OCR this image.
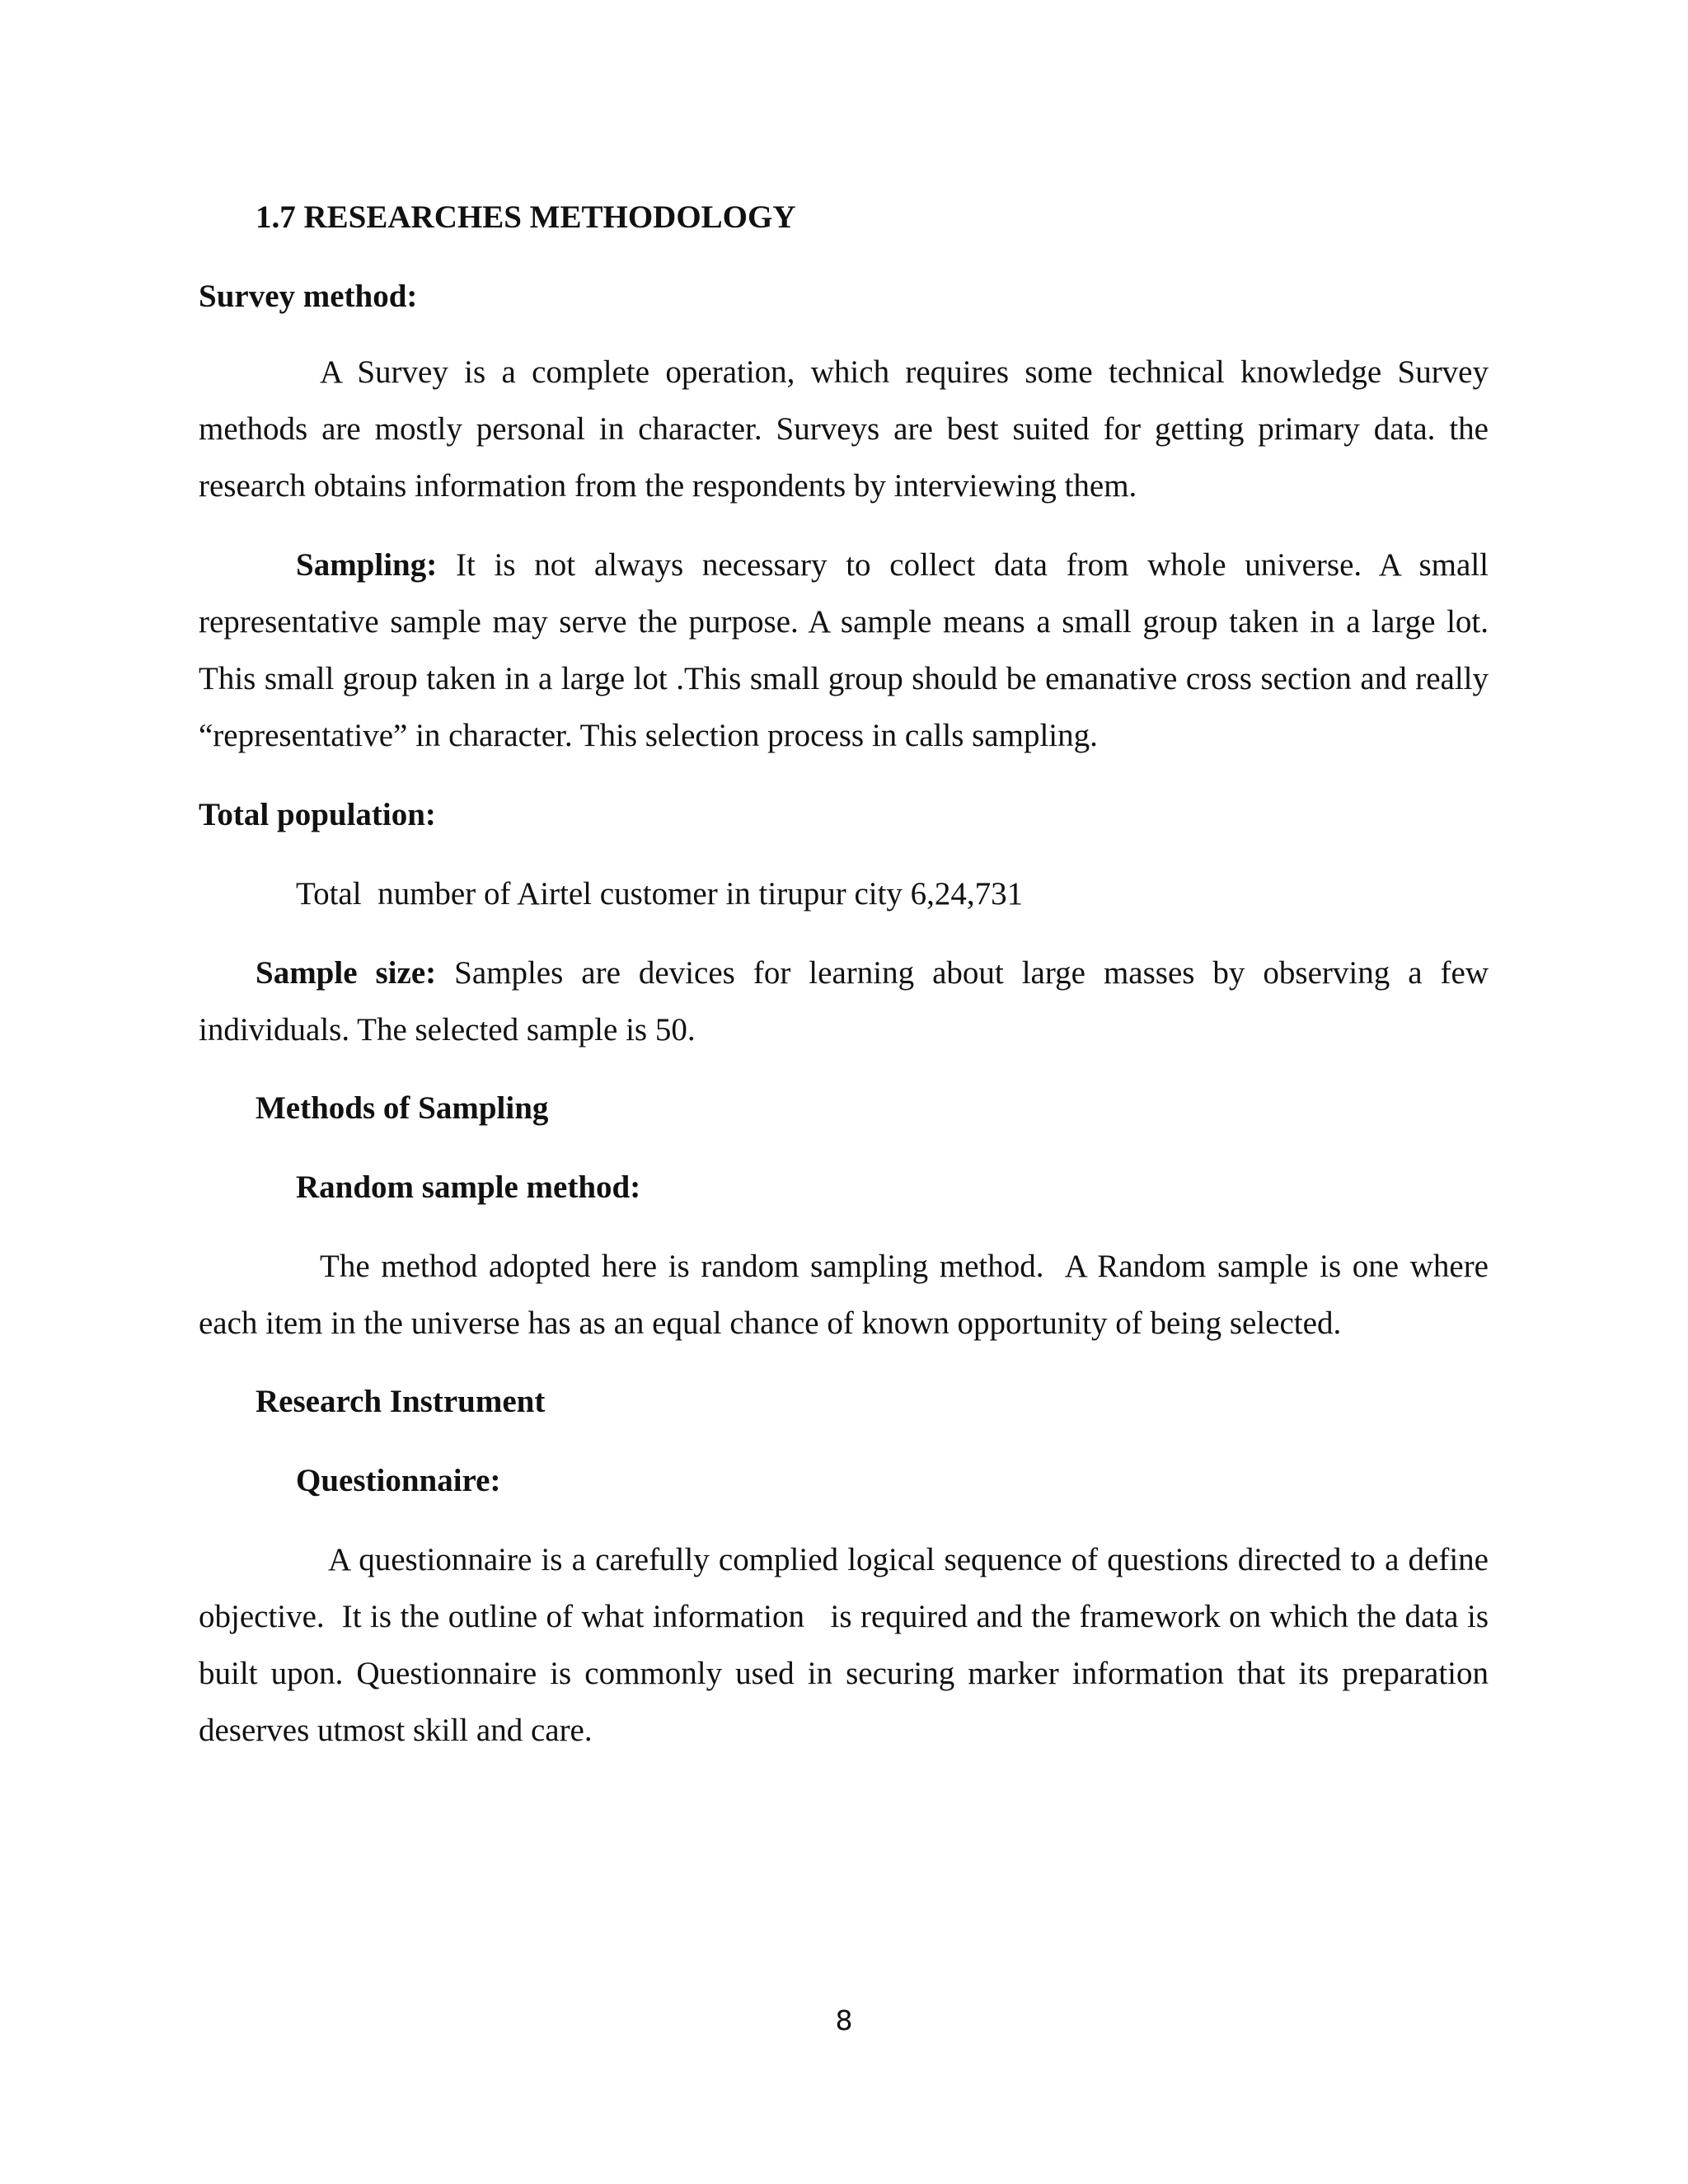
1.7 RESEARCHES METHODOLOGY
Survey method:

A Survey is a complete operation, which requires some technical knowledge Survey methods are mostly personal in character. Surveys are best suited for getting primary data. the research obtains information from the respondents by interviewing them.

Sampling: It is not always necessary to collect data from whole universe. A small representative sample may serve the purpose. A sample means a small group taken in a large lot. This small group taken in a large lot .This small group should be emanative cross section and really “representative” in character. This selection process in calls sampling.

Total population:

Total  number of Airtel customer in tirupur city 6,24,731

Sample size: Samples are devices for learning about large masses by observing a few individuals. The selected sample is 50.

Methods of Sampling
Random sample method:

The method adopted here is random sampling method.  A Random sample is one where each item in the universe has as an equal chance of known opportunity of being selected.

Research Instrument
Questionnaire:

A questionnaire is a carefully complied logical sequence of questions directed to a define objective.  It is the outline of what information   is required and the framework on which the data is built upon. Questionnaire is commonly used in securing marker information that its preparation deserves utmost skill and care.

8
